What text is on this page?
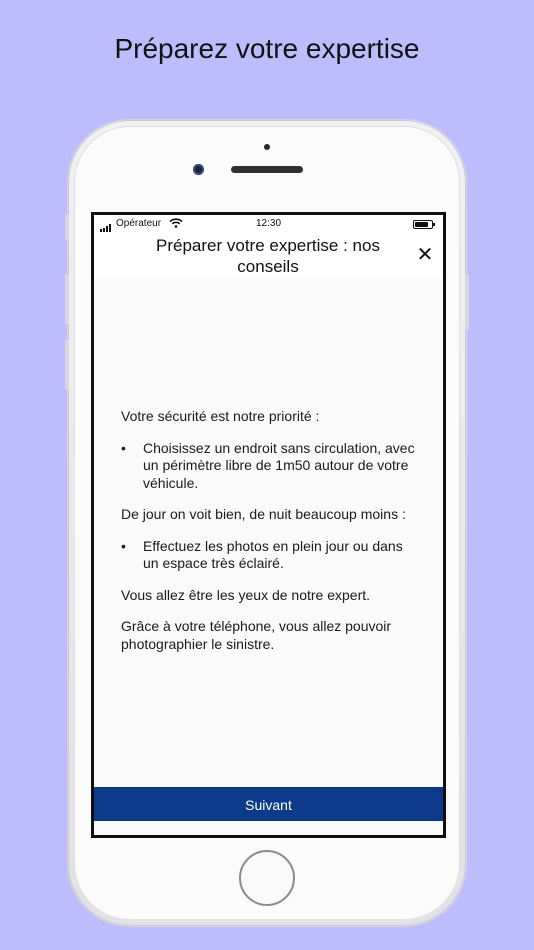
Préparez votre expertise
Opérateur	12:30
Préparer votre expertise : nos conseils
✕

Votre sécurité est notre priorité :

• Choisissez un endroit sans circulation, avec un périmètre libre de 1m50 autour de votre véhicule.

De jour on voit bien, de nuit beaucoup moins :

• Effectuez les photos en plein jour ou dans un espace très éclairé.

Vous allez être les yeux de notre expert.

Grâce à votre téléphone, vous allez pouvoir photographier le sinistre.

Suivant
